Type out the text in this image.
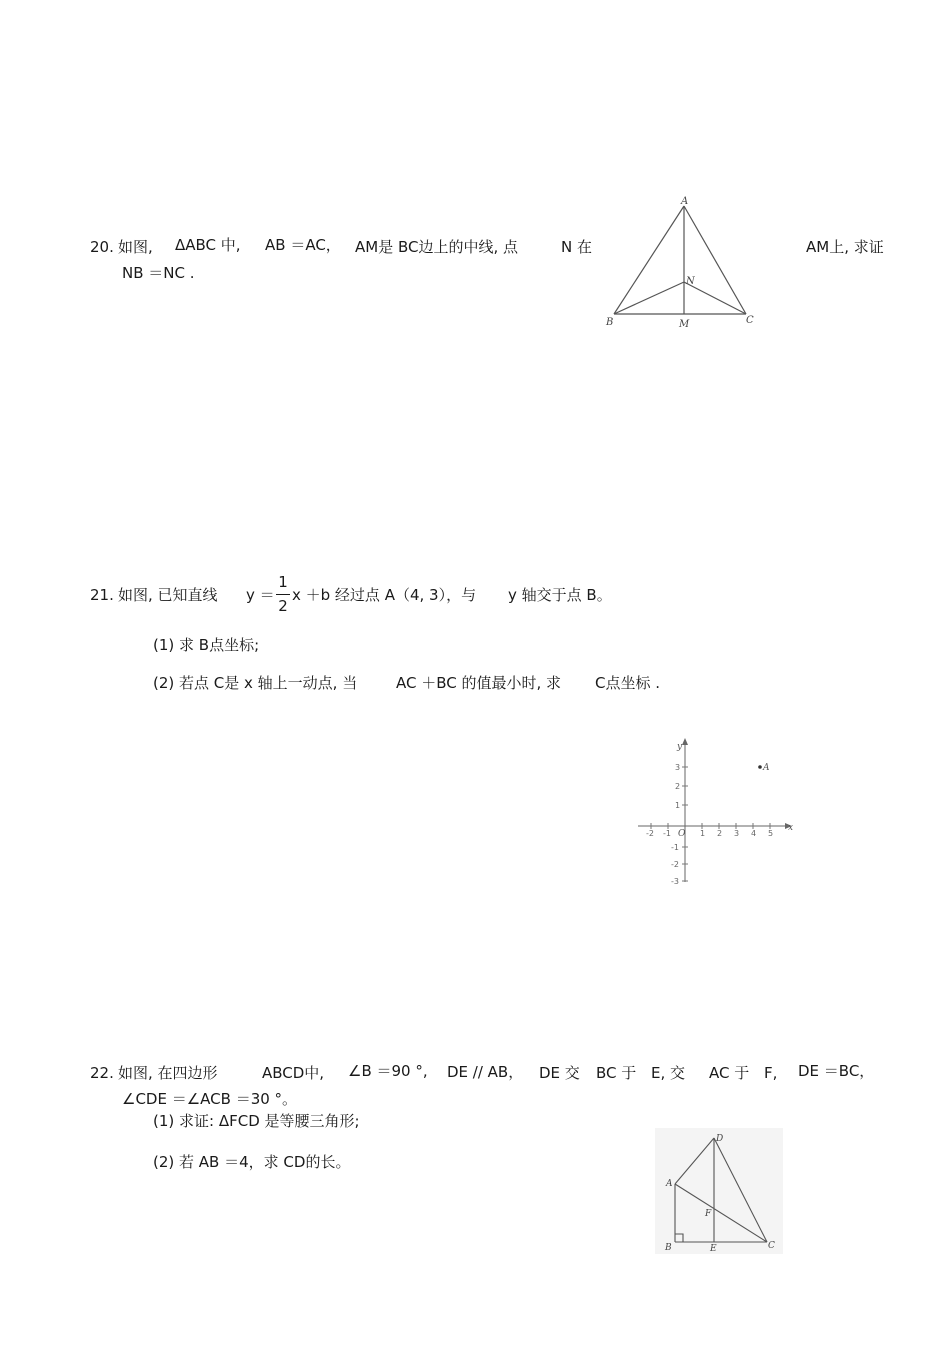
20. 如图, ΔABC 中, AB ＝AC， AM是 BC边上的中线, 点	N 在	AM上, 求证
NB ＝NC .
A
B	C
M
N
21. 如图, 已知直线 y ＝
1
2
x ＋b 经过点 A（4, 3），与 y 轴交于点 B。
(1) 求 B点坐标;
(2) 若点 C是 x 轴上一动点, 当	AC ＋BC 的值最小时, 求 C点坐标 .
-2 -1	1 2 3 4 5
3
2
1
-1
-2
-3
O
x
y
A
22. 如图, 在四边形	ABCD中, ∠B ＝90 °, DE // AB， DE 交 BC 于 E, 交 AC 于 F, DE ＝BC，
∠CDE ＝∠ACB ＝30 °。
(1) 求证: ΔFCD 是等腰三角形;
(2) 若 AB ＝4，求 CD的长。
A
B	C
D
E
F
